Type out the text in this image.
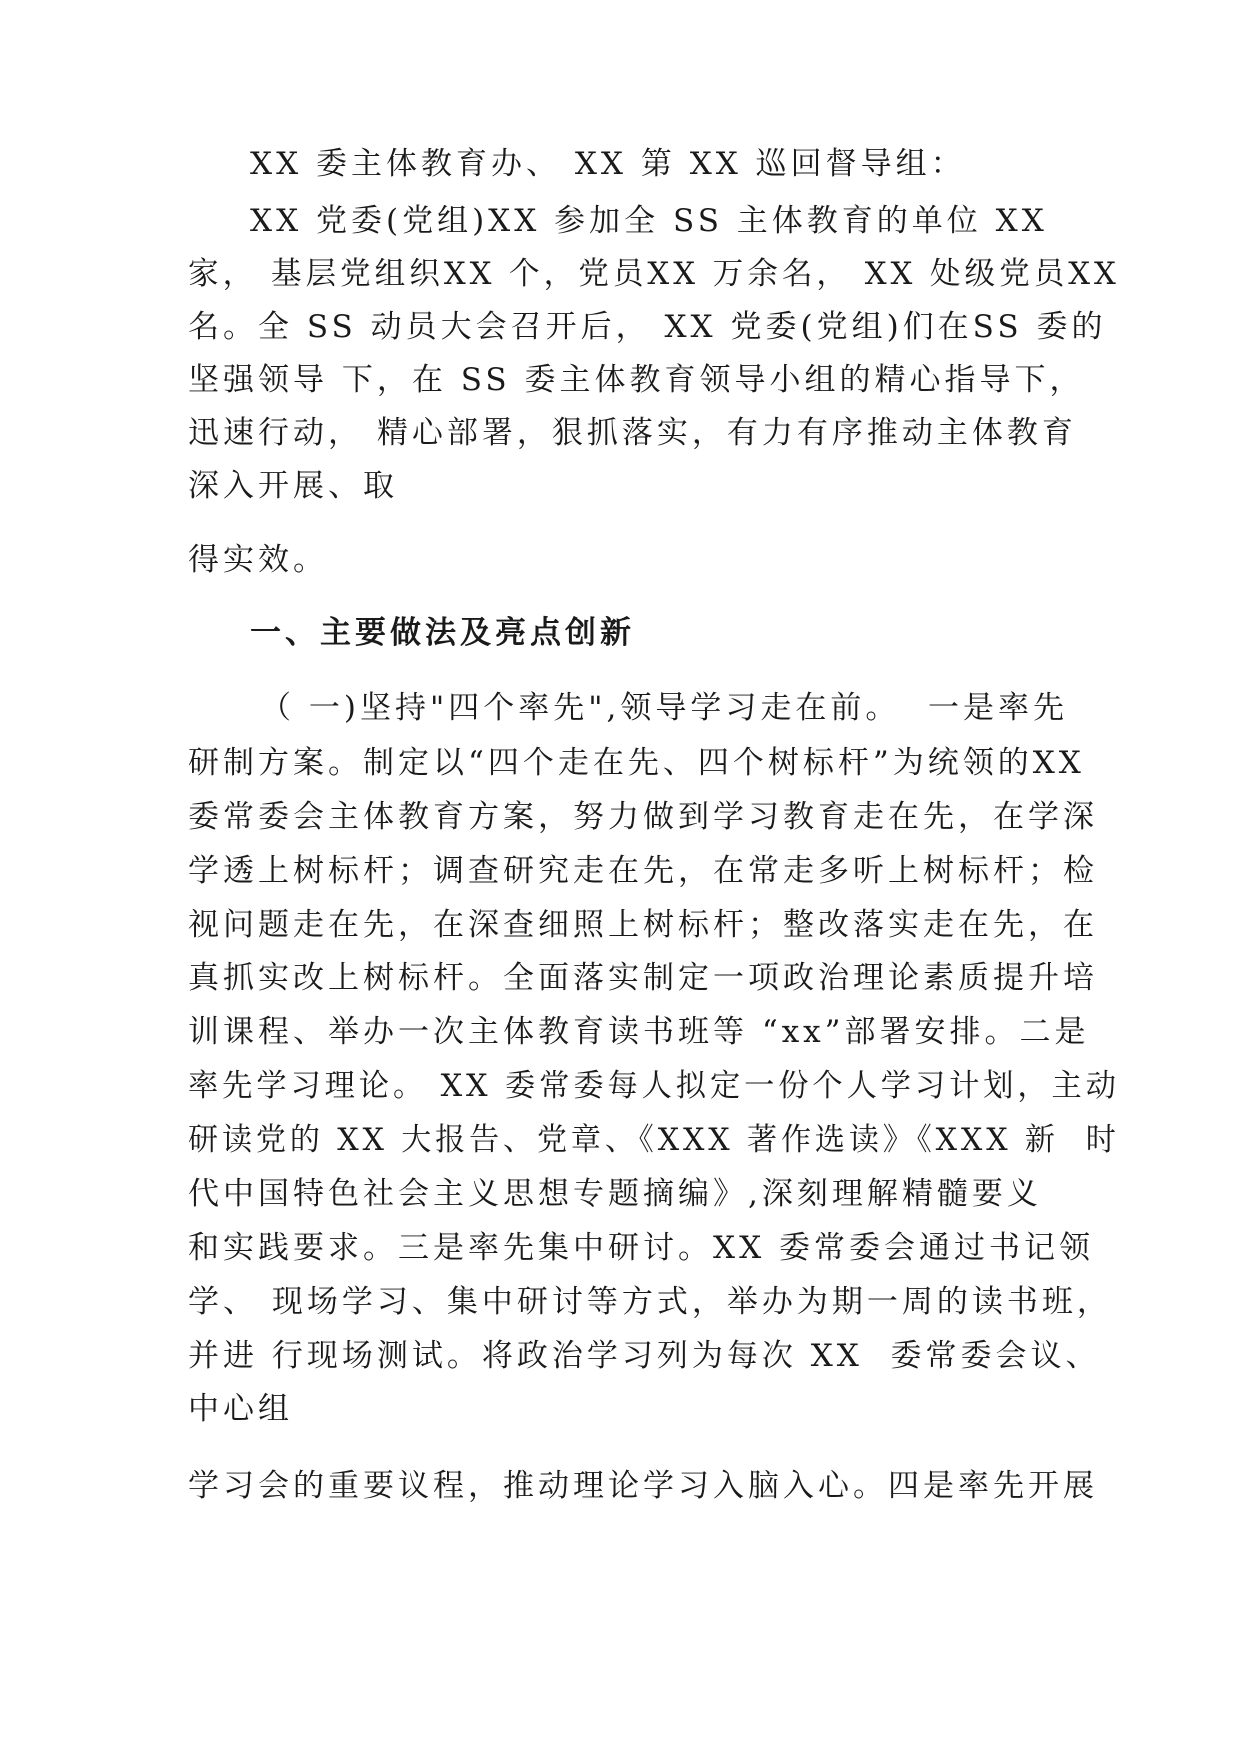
XX 委主体教育办、 XX 第 XX 巡回督导组：
XX 党委(党组)XX 参加全 SS 主体教育的单位 XX
家， 基层党组织XX 个，党员XX 万余名， XX 处级党员XX
名。全 SS 动员大会召开后， XX 党委(党组)们在SS 委的
坚强领导 下，在 SS 委主体教育领导小组的精心指导下，
迅速行动， 精心部署，狠抓落实，有力有序推动主体教育
深入开展、取
得实效。
一、主要做法及亮点创新
（ 一)坚持"四个率先",领导学习走在前。  一是率先
研制方案。制定以“四个走在先、四个树标杆”为统领的XX
委常委会主体教育方案，努力做到学习教育走在先，在学深
学透上树标杆；调查研究走在先，在常走多听上树标杆；检
视问题走在先，在深查细照上树标杆；整改落实走在先，在
真抓实改上树标杆。全面落实制定一项政治理论素质提升培
训课程、举办一次主体教育读书班等 “xx”部署安排。二是
率先学习理论。 XX 委常委每人拟定一份个人学习计划，主动
研读党的 XX 大报告、党章、《XXX 著作选读》《XXX 新  时
代中国特色社会主义思想专题摘编》,深刻理解精髓要义
和实践要求。三是率先集中研讨。XX 委常委会通过书记领
学、 现场学习、集中研讨等方式，举办为期一周的读书班，
并进 行现场测试。将政治学习列为每次 XX  委常委会议、
中心组
学习会的重要议程，推动理论学习入脑入心。四是率先开展
